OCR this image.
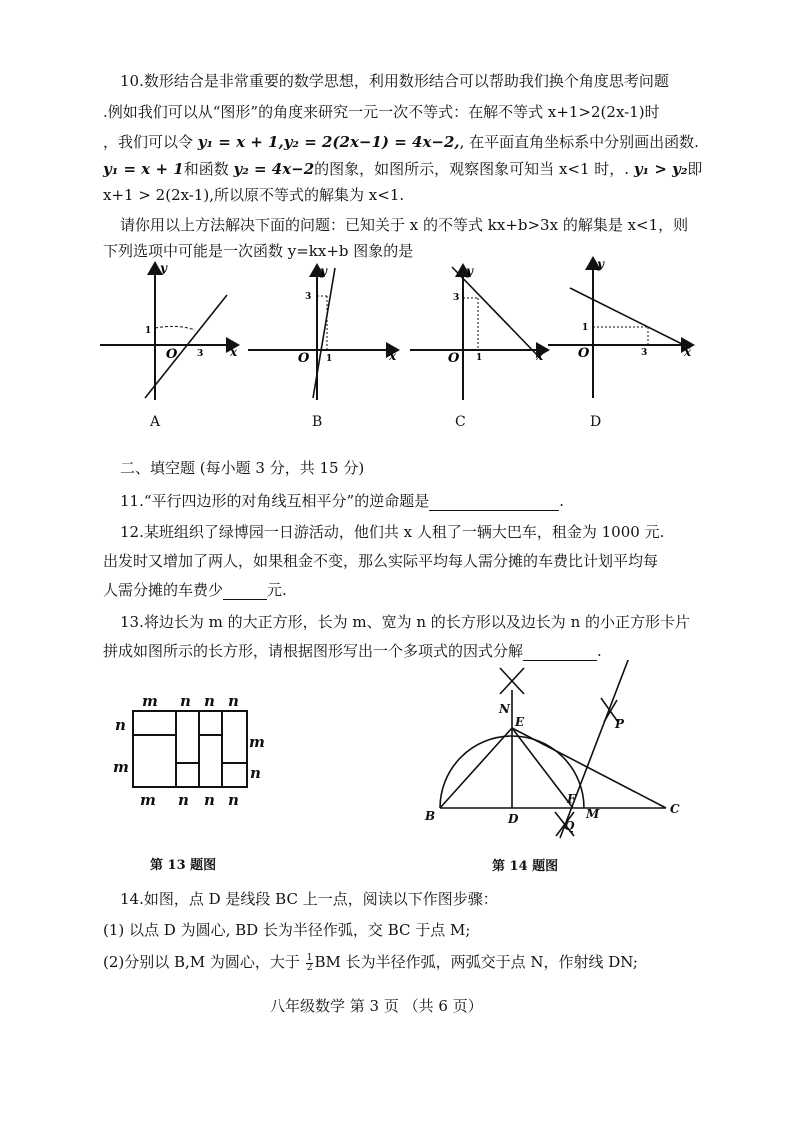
10.数形结合是非常重要的数学思想，利用数形结合可以帮助我们换个角度思考问题
.例如我们可以从“图形”的角度来研究一元一次不等式：在解不等式 x+1>2(2x-1)时
，我们可以令 y₁ = x + 1,y₂ = 2(2x−1) = 4x−2,, 在平面直角坐标系中分别画出函数.
y₁ = x + 1和函数 y₂ = 4x−2的图象，如图所示，观察图象可知当 x<1 时，. y₁ > y₂即
x+1 > 2(2x-1),所以原不等式的解集为 x<1.
请你用以上方法解决下面的问题：已知关于 x 的不等式 kx+b>3x 的解集是 x<1，则
下列选项中可能是一次函数 y=kx+b 图象的是
O
1
3 x
y
O
3
1	x
y
O
3
1	x
y
O
1
3	x
y
A	B	C	D
二、填空题 (每小题 3 分，共 15 分)
11.“平行四边形的对角线互相平分”的逆命题是	.
12.某班组织了绿博园一日游活动，他们共 x 人租了一辆大巴车，租金为 1000 元.
出发时又增加了两人，如果租金不变，那么实际平均每人需分摊的车费比计划平均每
人需分摊的车费少	元.
13.将边长为 m 的大正方形，长为 m、宽为 n 的长方形以及边长为 n 的小正方形卡片
拼成如图所示的长方形，请根据图形写出一个多项式的因式分解	.
m n n n
m n n n
n
m
m
n
第 13 题图
N
E	P
B	D
F
M	C
Q
第 14 题图
14.如图，点 D 是线段 BC 上一点，阅读以下作图步骤：
(1) 以点 D 为圆心, BD 长为半径作弧，交 BC 于点 M;
(2)分别以 B,M 为圆心，大于 $\frac{1}{2}$ BM 长为半径作弧，两弧交于点 N，作射线 DN;
八年级数学 第 3 页 （共 6 页）
